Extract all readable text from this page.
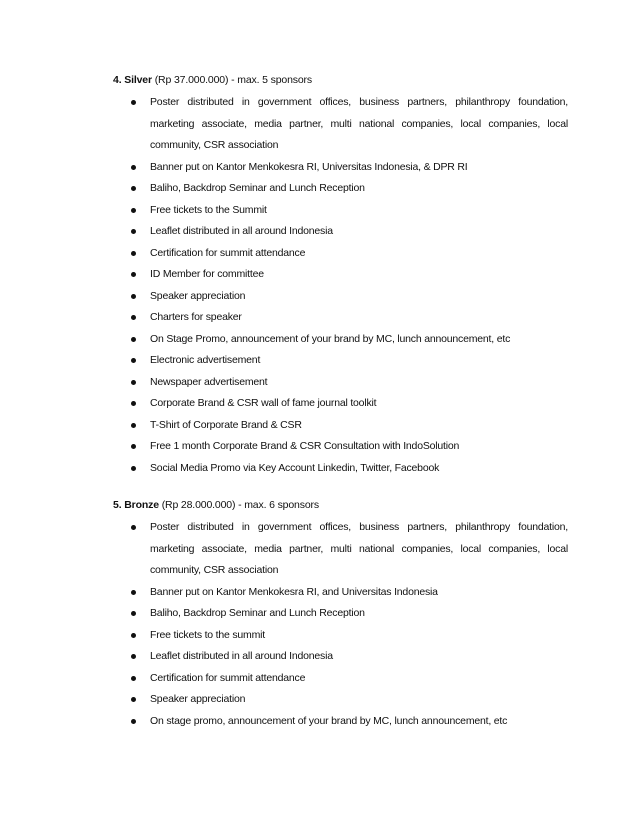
4. Silver (Rp 37.000.000) - max. 5 sponsors
Poster distributed in government offices, business partners, philanthropy foundation, marketing associate, media partner, multi national companies, local companies, local community, CSR association
Banner put on Kantor Menkokesra RI, Universitas Indonesia, & DPR RI
Baliho, Backdrop Seminar and Lunch Reception
Free tickets to the Summit
Leaflet distributed in all around Indonesia
Certification for summit attendance
ID Member for committee
Speaker appreciation
Charters for speaker
On Stage Promo, announcement of your brand by MC, lunch announcement, etc
Electronic advertisement
Newspaper advertisement
Corporate Brand & CSR wall of fame journal toolkit
T-Shirt of Corporate Brand & CSR
Free 1 month Corporate Brand & CSR Consultation with IndoSolution
Social Media Promo via Key Account Linkedin, Twitter, Facebook
5. Bronze (Rp 28.000.000) - max. 6 sponsors
Poster distributed in government offices, business partners, philanthropy foundation, marketing associate, media partner, multi national companies, local companies, local community, CSR association
Banner put on Kantor Menkokesra RI, and Universitas Indonesia
Baliho, Backdrop Seminar and Lunch Reception
Free tickets to the summit
Leaflet distributed in all around Indonesia
Certification for summit attendance
Speaker appreciation
On stage promo, announcement of your brand by MC, lunch announcement, etc
